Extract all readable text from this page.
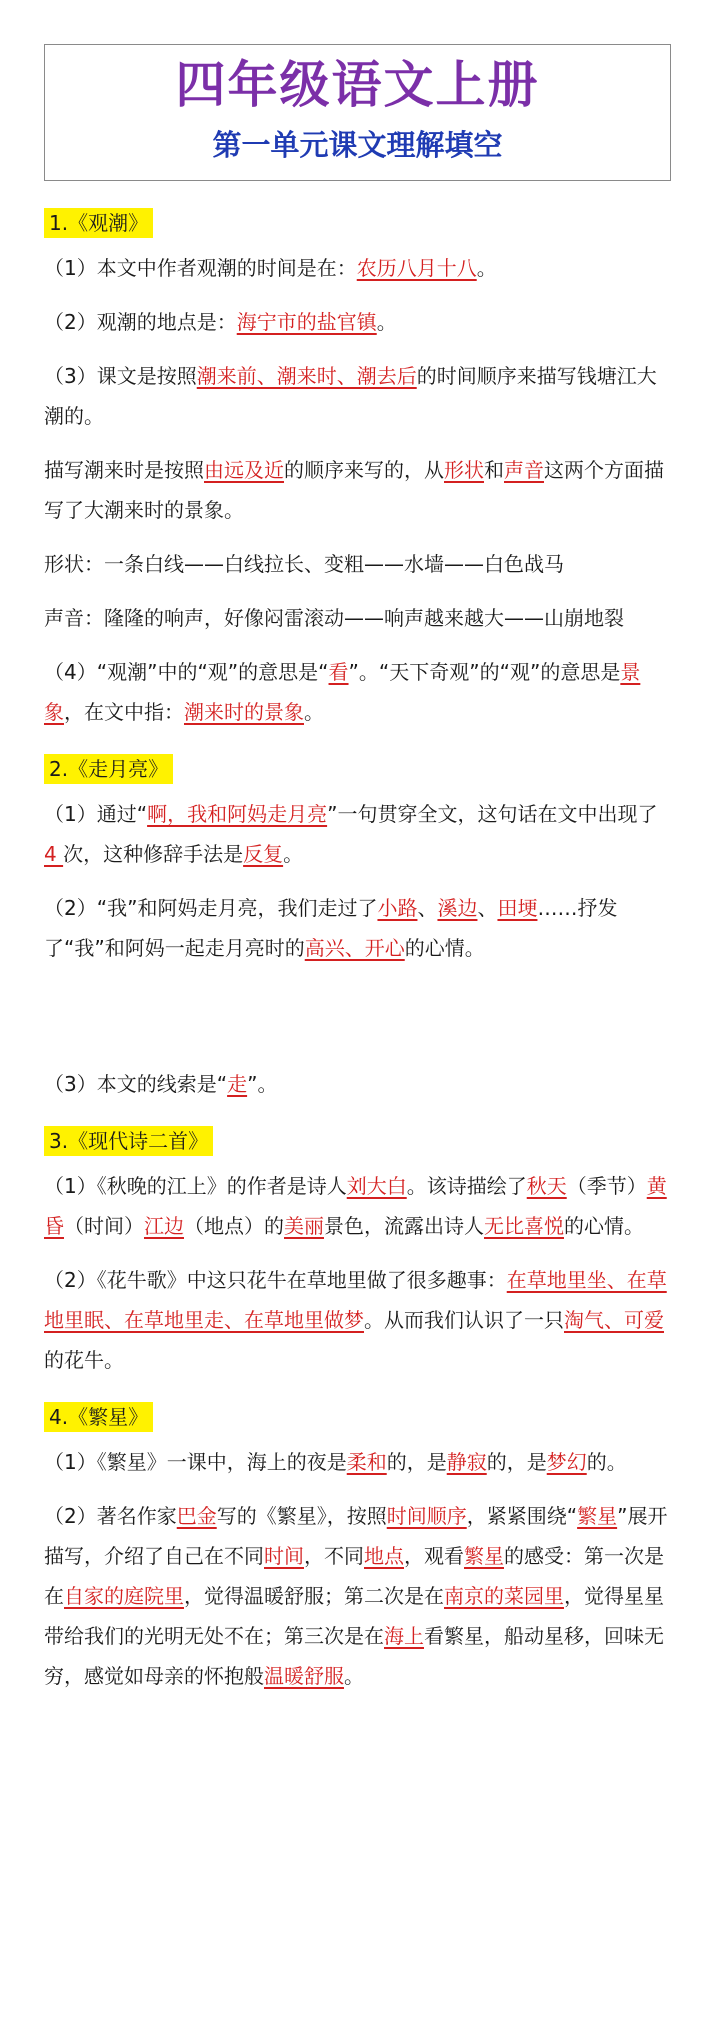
四年级语文上册
第一单元课文理解填空
1.《观潮》

（1）本文中作者观潮的时间是在：农历八月十八。

（2）观潮的地点是：海宁市的盐官镇。

（3）课文是按照潮来前、潮来时、潮去后的时间顺序来描写钱塘江大潮的。

描写潮来时是按照由远及近的顺序来写的，从形状和声音这两个方面描写了大潮来时的景象。

形状：一条白线——白线拉长、变粗——水墙——白色战马

声音：隆隆的响声，好像闷雷滚动——响声越来越大——山崩地裂

（4）“观潮”中的“观”的意思是“看”。“天下奇观”的“观”的意思是景
象，在文中指：潮来时的景象。

2.《走月亮》

（1）通过“啊，我和阿妈走月亮”一句贯穿全文，这句话在文中出现了 4 次，这种修辞手法是反复。

（2）“我”和阿妈走月亮，我们走过了小路、溪边、田埂……抒发了“我”和阿妈一起走月亮时的高兴、开心的心情。

（3）本文的线索是“走”。

3.《现代诗二首》

（1）《秋晚的江上》的作者是诗人刘大白。该诗描绘了秋天（季节）黄昏（时间）江边（地点）的美丽景色，流露出诗人无比喜悦的心情。

（2）《花牛歌》中这只花牛在草地里做了很多趣事：在草地里坐、在草地里眠、在草地里走、在草地里做梦。从而我们认识了一只淘气、可爱的花牛。

4.《繁星》

（1）《繁星》一课中，海上的夜是柔和的，是静寂的，是梦幻的。

（2）著名作家巴金写的《繁星》，按照时间顺序，紧紧围绕“繁星”展开描写，介绍了自己在不同时间，不同地点，观看繁星的感受：第一次是在自家的庭院里，觉得温暖舒服；第二次是在南京的菜园里，觉得星星带给我们的光明无处不在；第三次是在海上看繁星，船动星移，回味无穷，感觉如母亲的怀抱般温暖舒服。
